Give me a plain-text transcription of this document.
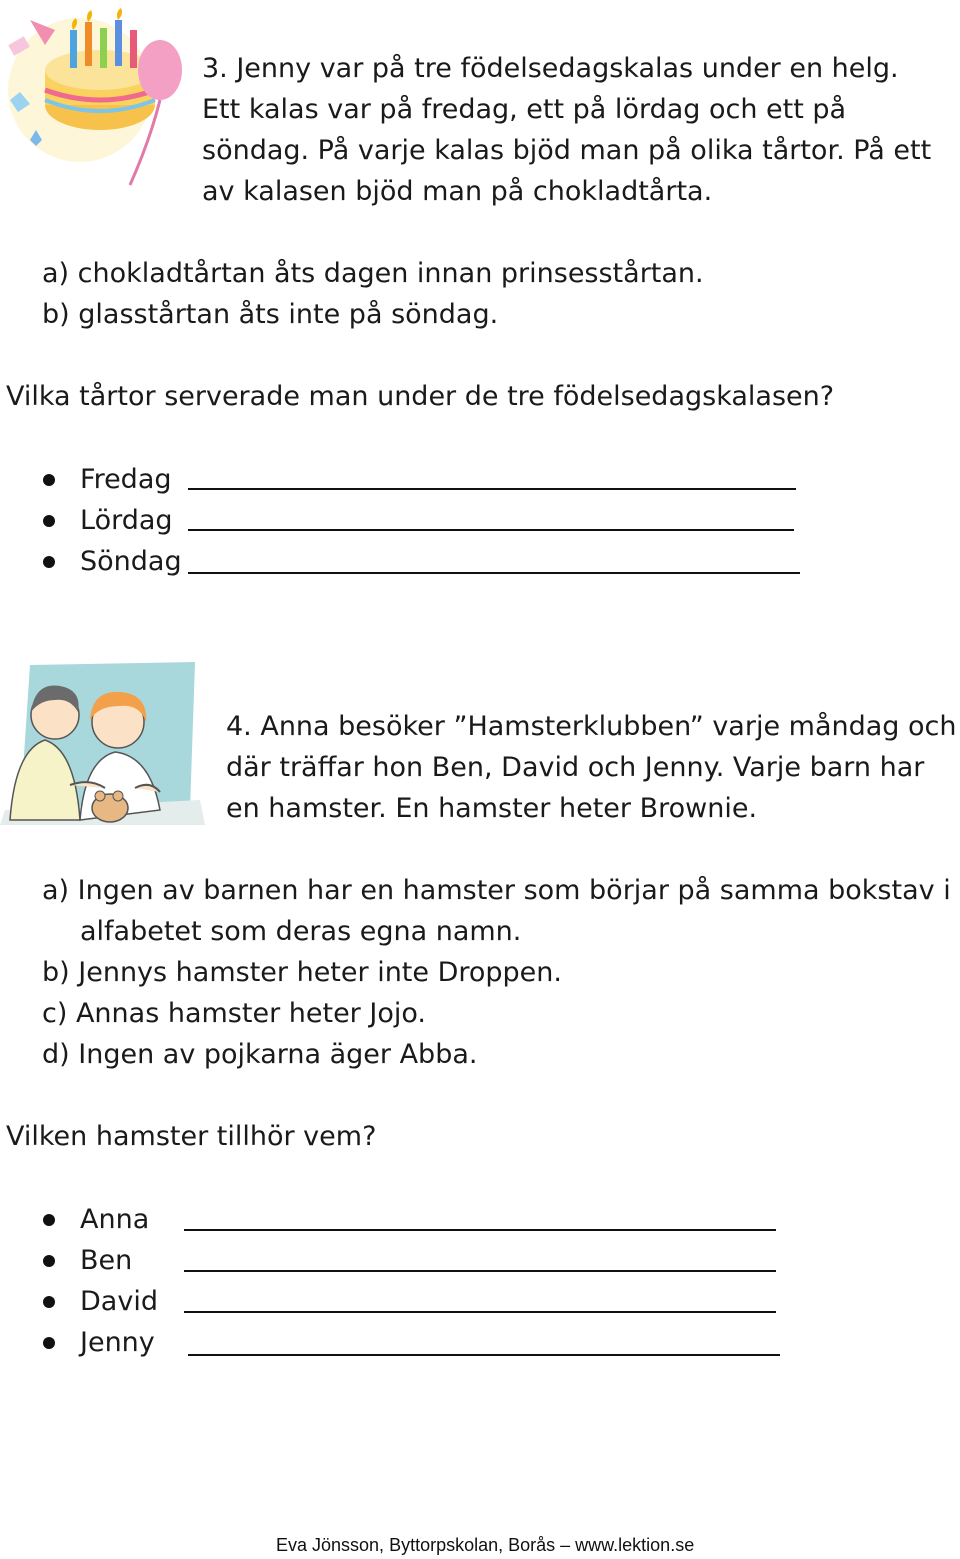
3. Jenny var på tre födelsedagskalas under en helg.
Ett kalas var på fredag, ett på lördag och ett på
söndag. På varje kalas bjöd man på olika tårtor. På ett
av kalasen bjöd man på chokladtårta.
a) chokladtårtan åts dagen innan prinsesstårtan.
b) glasstårtan åts inte på söndag.
Vilka tårtor serverade man under de tre födelsedagskalasen?
Fredag
Lördag
Söndag
4. Anna besöker ”Hamsterklubben” varje måndag och
där träffar hon Ben, David och Jenny. Varje barn har
en hamster. En hamster heter Brownie.
a) Ingen av barnen har en hamster som börjar på samma bokstav i
alfabetet som deras egna namn.
b) Jennys hamster heter inte Droppen.
c) Annas hamster heter Jojo.
d) Ingen av pojkarna äger Abba.
Vilken hamster tillhör vem?
Anna
Ben
David
Jenny
Eva Jönsson, Byttorpskolan, Borås – www.lektion.se
